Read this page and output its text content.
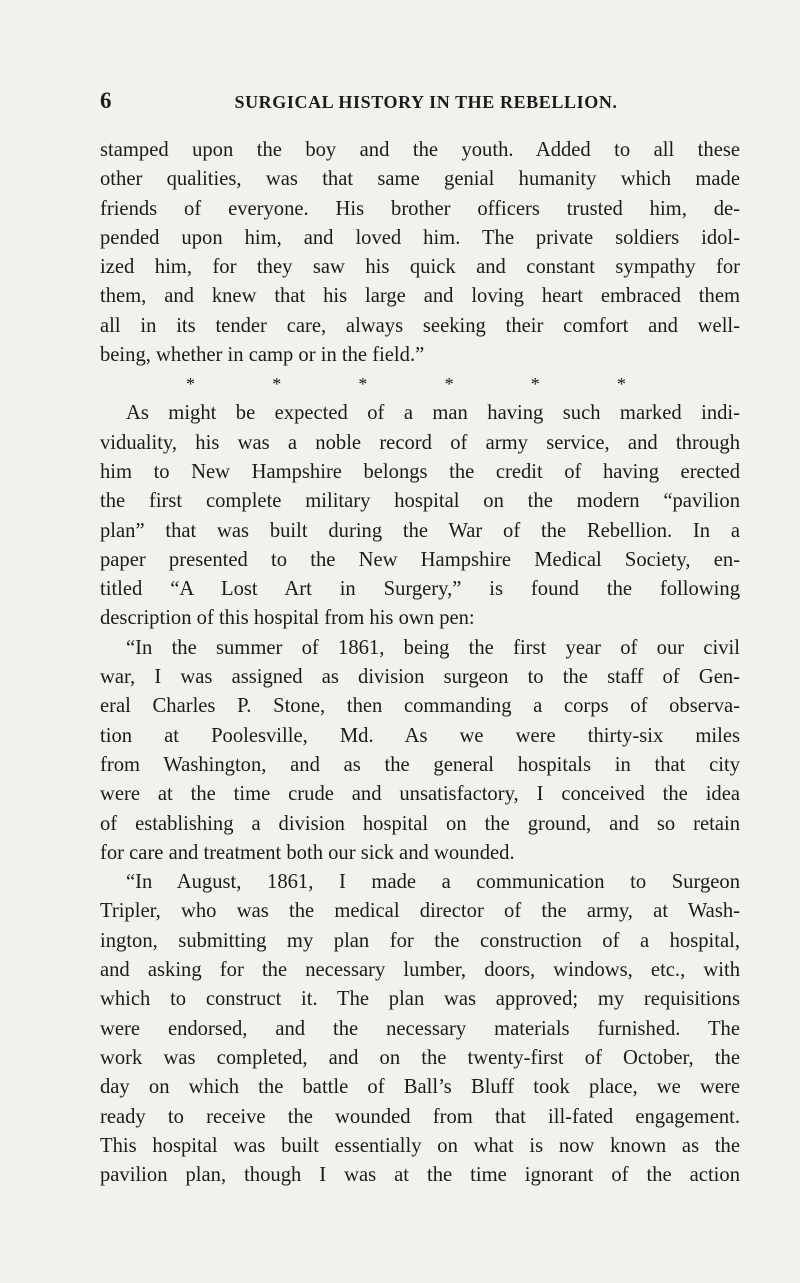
6	SURGICAL HISTORY IN THE REBELLION.

stamped upon the boy and the youth. Added to all these
other qualities, was that same genial humanity which made
friends of everyone. His brother officers trusted him, de-
pended upon him, and loved him. The private soldiers idol-
ized him, for they saw his quick and constant sympathy for
them, and knew that his large and loving heart embraced them
all in its tender care, always seeking their comfort and well-
being, whether in camp or in the field.”

*	*	*	*	*	*

As might be expected of a man having such marked indi-
viduality, his was a noble record of army service, and through
him to New Hampshire belongs the credit of having erected
the first complete military hospital on the modern “pavilion
plan” that was built during the War of the Rebellion. In a
paper presented to the New Hampshire Medical Society, en-
titled “A Lost Art in Surgery,” is found the following
description of this hospital from his own pen:

“In the summer of 1861, being the first year of our civil
war, I was assigned as division surgeon to the staff of Gen-
eral Charles P. Stone, then commanding a corps of observa-
tion at Poolesville, Md. As we were thirty-six miles
from Washington, and as the general hospitals in that city
were at the time crude and unsatisfactory, I conceived the idea
of establishing a division hospital on the ground, and so retain
for care and treatment both our sick and wounded.

“In August, 1861, I made a communication to Surgeon
Tripler, who was the medical director of the army, at Wash-
ington, submitting my plan for the construction of a hospital,
and asking for the necessary lumber, doors, windows, etc., with
which to construct it. The plan was approved; my requisitions
were endorsed, and the necessary materials furnished. The
work was completed, and on the twenty-first of October, the
day on which the battle of Ball’s Bluff took place, we were
ready to receive the wounded from that ill-fated engagement.
This hospital was built essentially on what is now known as the
pavilion plan, though I was at the time ignorant of the action
